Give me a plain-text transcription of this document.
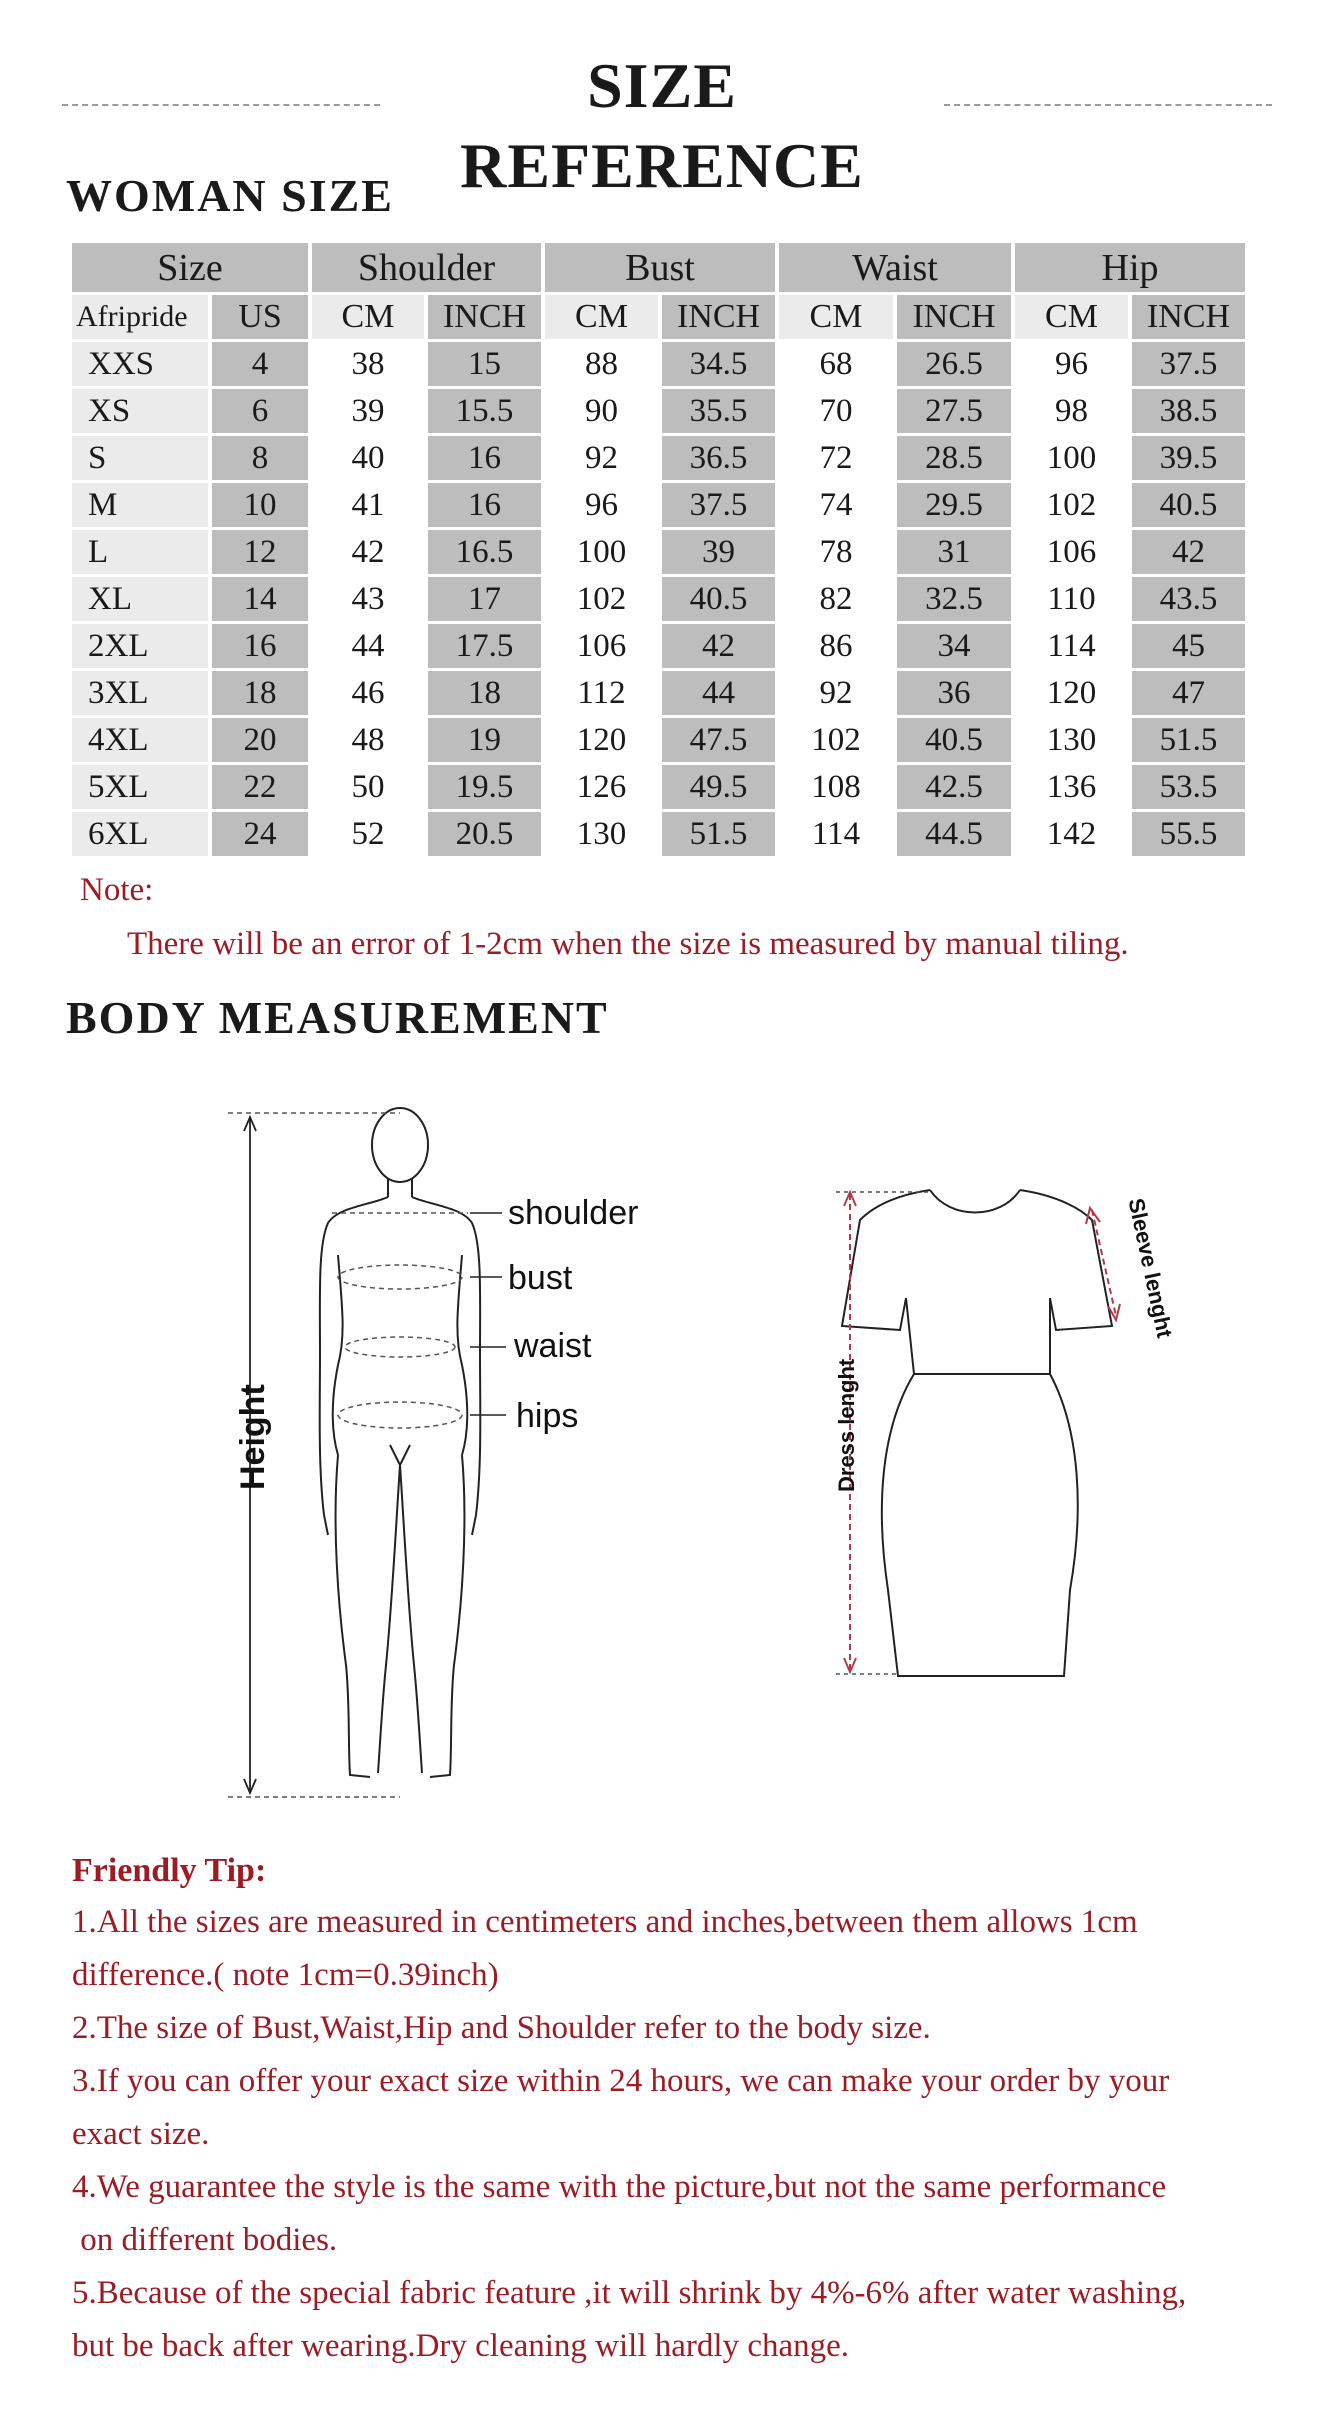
SIZE REFERENCE
WOMAN SIZE
Size		Shoulder		Bust		Waist		Hip	
Afripride	US	CM	INCH	CM	INCH	CM	INCH	CM	INCH
XXS	4	38	15	88	34.5	68	26.5	96	37.5
XS	6	39	15.5	90	35.5	70	27.5	98	38.5
S	8	40	16	92	36.5	72	28.5	100	39.5
M	10	41	16	96	37.5	74	29.5	102	40.5
L	12	42	16.5	100	39	78	31	106	42
XL	14	43	17	102	40.5	82	32.5	110	43.5
2XL	16	44	17.5	106	42	86	34	114	45
3XL	18	46	18	112	44	92	36	120	47
4XL	20	48	19	120	47.5	102	40.5	130	51.5
5XL	22	50	19.5	126	49.5	108	42.5	136	53.5
6XL	24	52	20.5	130	51.5	114	44.5	142	55.5
Note:
There will be an error of 1-2cm when the size is measured by manual tiling.
BODY MEASUREMENT
shoulder
bust
waist
hips
Height	Dress lenght
Sleeve lenght
Friendly Tip:
1.All the sizes are measured in centimeters and inches,between them allows 1cm
difference.( note 1cm=0.39inch)
2.The size of Bust,Waist,Hip and Shoulder refer to the body size.
3.If you can offer your exact size within 24 hours, we can make your order by your
exact size.
4.We guarantee the style is the same with the picture,but not the same performance
on different bodies.
5.Because of the special fabric feature ,it will shrink by 4%-6% after water washing,
but be back after wearing.Dry cleaning will hardly change.
